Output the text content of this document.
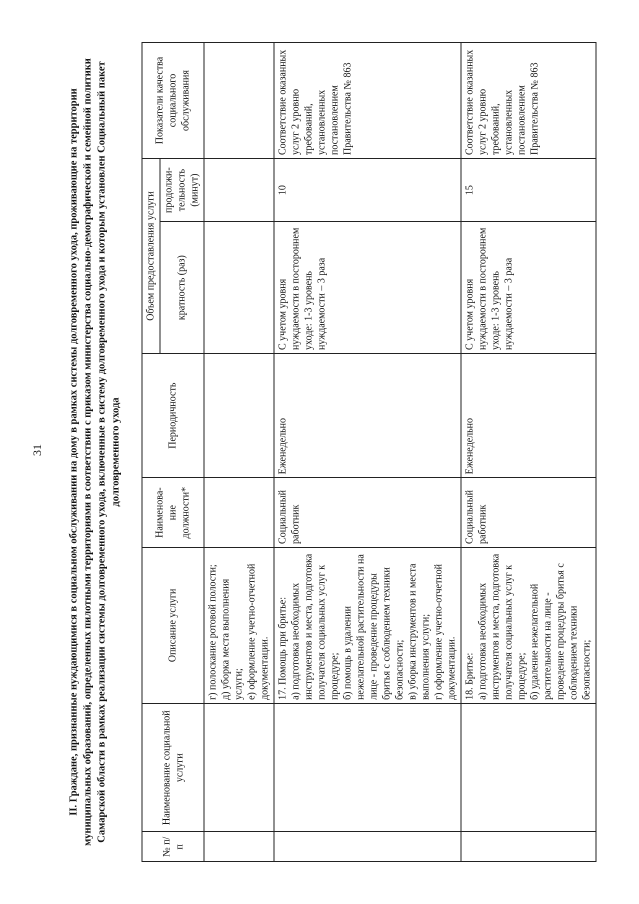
31 II. Граждане, признанные нуждающимися в социальном обслуживании на дому в рамках системы долговременного ухода, проживающие на территории муниципальных образований, определенных пилотными территориями в соответствии с приказом министерства социально-демографической и семейной политики Самарской области в рамках реализации системы долговременного ухода, включенные в систему долговременного ухода и которым установлен Социальный пакет долговременного ухода
№ п/п	Наименование социальной услуги	Описание услуги	Наименова-ние должности*	Периодичность	Объем предоставления услуги		Показатели качества социального обслуживания
					кратность (раз)	продолжи-тельность (минут)	

		г) полоскание ротовой полости; д) уборка места выполнения услуги; е) оформление учетно-отчетной документации.					

		17. Помощь при бритье: а) подготовка необходимых инструментов и места, подготовка получателя социальных услуг к процедуре; б) помощь в удалении нежелательной растительности на лице - проведение процедуры бритья с соблюдением техники безопасности; в) уборка инструментов и места выполнения услуги; г) оформление учетно-отчетной документации.	Социальный работник	Еженедельно	С учетом уровня нуждаемости в постороннем уходе: 1-3 уровень нуждаемости – 3 раза	10	Соответствие оказанных услуг 2 уровню требований, установленных постановлением Правительства № 863

		18. Бритье: а) подготовка необходимых инструментов и места, подготовка получателя социальных услуг к процедуре; б) удаление нежелательной растительности на лице - проведение процедуры бритья с соблюдением техники безопасности;	Социальный работник	Еженедельно	С учетом уровня нуждаемости в постороннем уходе: 1-3 уровень нуждаемости – 3 раза	15	Соответствие оказанных услуг 2 уровню требований, установленных постановлением Правительства № 863
